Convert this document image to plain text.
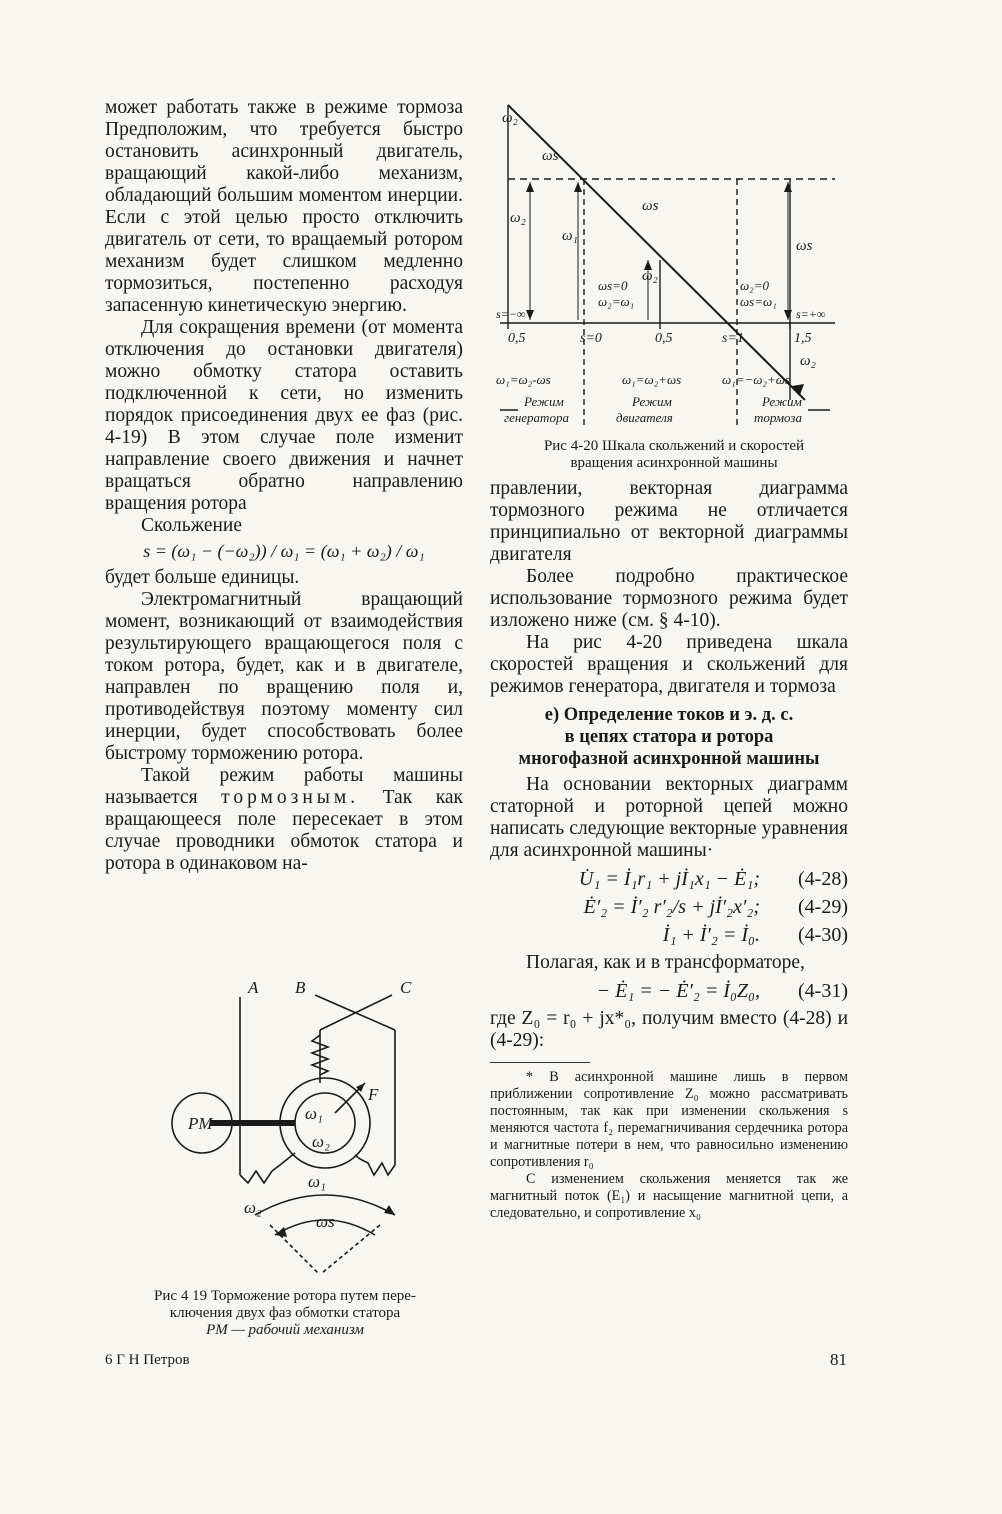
может работать также в режиме тормоза Предположим, что требуется быстро остановить асинхронный двигатель, вращающий какой-либо механизм, обладающий большим моментом инерции. Если с этой целью просто отключить двигатель от сети, то вращаемый ротором механизм будет слишком медленно тормозиться, постепенно расходуя запасенную кинетическую энергию.

Для сокращения времени (от момента отключения до остановки двигателя) можно обмотку статора оставить подключенной к сети, но изменить порядок присоединения двух ее фаз (рис. 4-19) В этом случае поле изменит направление своего движения и начнет вращаться обратно направлению вращения ротора

Скольжение

s = (ω₁ − (−ω₂)) / ω₁ = (ω₁ + ω₂) / ω₁

будет больше единицы.

Электромагнитный вращающий момент, возникающий от взаимодействия результирующего вращающегося поля с током ротора, будет, как и в двигателе, направлен по вращению поля и, противодействуя поэтому моменту сил инерции, будет способствовать более быстрому торможению ротора.

Такой режим работы машины называется тормозным. Так как вращающееся поле пересекает в этом случае проводники обмоток статора и ротора в одинаковом на-

ω₂
ωs
ω₂
ω₁
ωs
ω₂
ωs
ω₂
ωs=0
ω₂=ω₁
ω₂=0
ωs=ω₁
s=−∞	s=+∞
0,5	s=0	0,5	s=1	1,5
ω₁=ω₂-ωs	ω₁=ω₂+ωs	ω₁=−ω₂+ωs
Режим
генератора
Режим
двигателя
Режим
тормоза
Рис 4-20 Шкала скольжений и скоростей
вращения асинхронной машины

правлении, векторная диаграмма тормозного режима не отличается принципиально от векторной диаграммы двигателя

Более подробно практическое использование тормозного режима будет изложено ниже (см. § 4-10).

На рис 4-20 приведена шкала скоростей вращения и скольжений для режимов генератора, двигателя и тормоза

е) Определение токов и э. д. с.
в цепях статора и ротора
многофазной асинхронной машины

На основании векторных диаграмм статорной и роторной цепей можно написать следующие векторные уравнения для асинхронной машины·

U̇₁ = İ₁r₁ + jİ₁x₁ − Ė₁;	(4-28)
Ė′₂ = İ′₂ r′₂/s + jİ′₂x′₂;	(4-29)
İ₁ + İ′₂ = İ₀.	(4-30)

Полагая, как и в трансформаторе,

− Ė₁ = − Ė′₂ = İ₀Z₀,	(4-31)

где Z₀ = r₀ + jx*₀, получим вместо (4-28) и (4-29):

* В асинхронной машине лишь в первом приближении сопротивление Z₀ можно рассматривать постоянным, так как при изменении скольжения s меняются частота f₂ перемагничивания сердечника ротора и магнитные потери в нем, что равносильно изменению сопротивления r₀

С изменением скольжения меняется так же магнитный поток (E₁) и насыщение магнитной цепи, а следовательно, и сопротивление x₀

A B	C
PM
F
ω₁
ω₂
ω₁
ω₂
ωs
Рис 4 19 Торможение ротора путем пере-
ключения двух фаз обмотки статора
PM — рабочий механизм
6 Г Н Петров	81
